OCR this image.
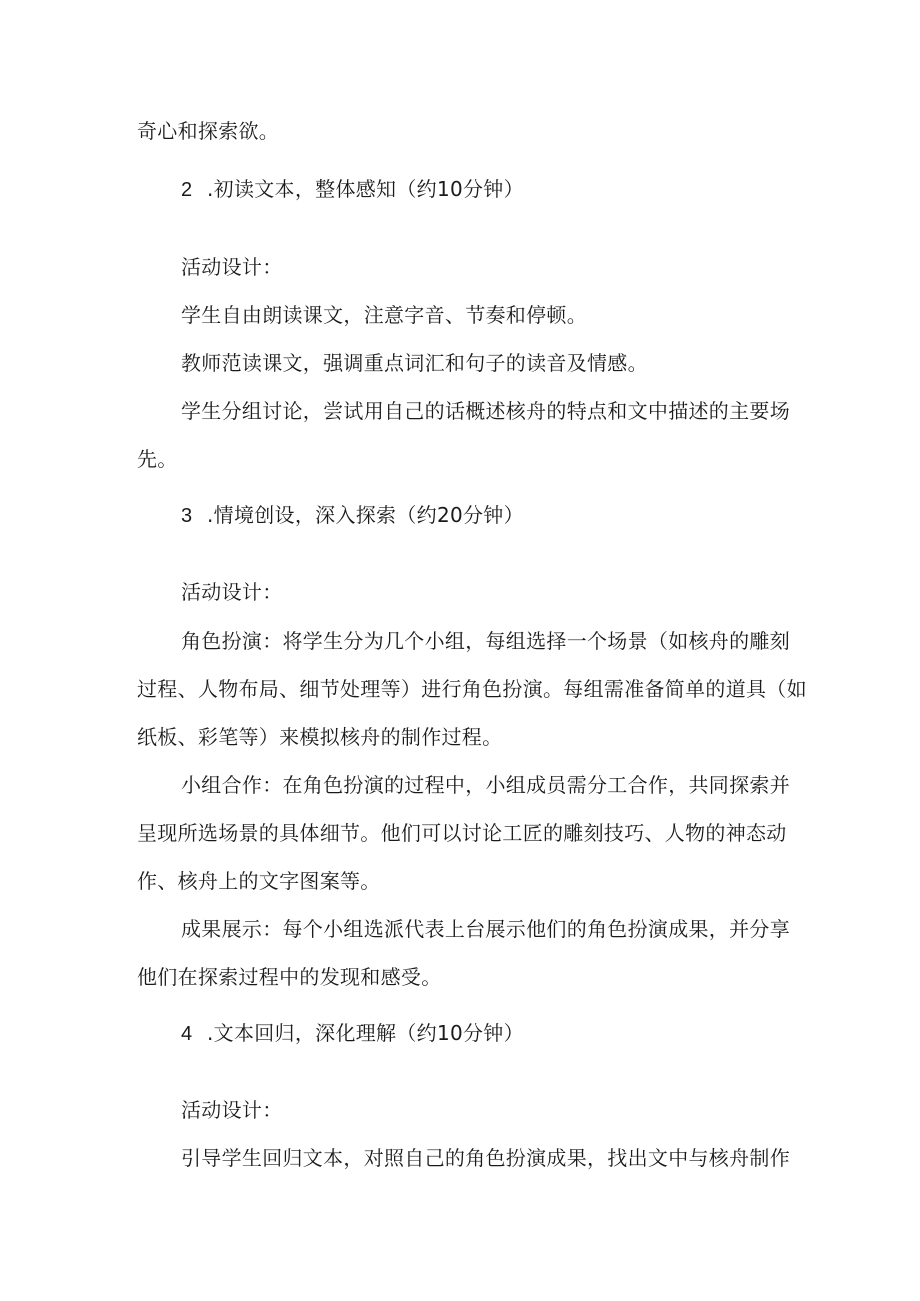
奇心和探索欲。
2 .初读文本，整体感知（约10分钟）
活动设计：
学生自由朗读课文，注意字音、节奏和停顿。
教师范读课文，强调重点词汇和句子的读音及情感。
学生分组讨论，尝试用自己的话概述核舟的特点和文中描述的主要场
先。
3 .情境创设，深入探索（约20分钟）
活动设计：
角色扮演：将学生分为几个小组，每组选择一个场景（如核舟的雕刻
过程、人物布局、细节处理等）进行角色扮演。每组需准备简单的道具（如
纸板、彩笔等）来模拟核舟的制作过程。
小组合作：在角色扮演的过程中，小组成员需分工合作，共同探索并
呈现所选场景的具体细节。他们可以讨论工匠的雕刻技巧、人物的神态动
作、核舟上的文字图案等。
成果展示：每个小组选派代表上台展示他们的角色扮演成果，并分享
他们在探索过程中的发现和感受。
4 .文本回归，深化理解（约10分钟）
活动设计：
引导学生回归文本，对照自己的角色扮演成果，找出文中与核舟制作
